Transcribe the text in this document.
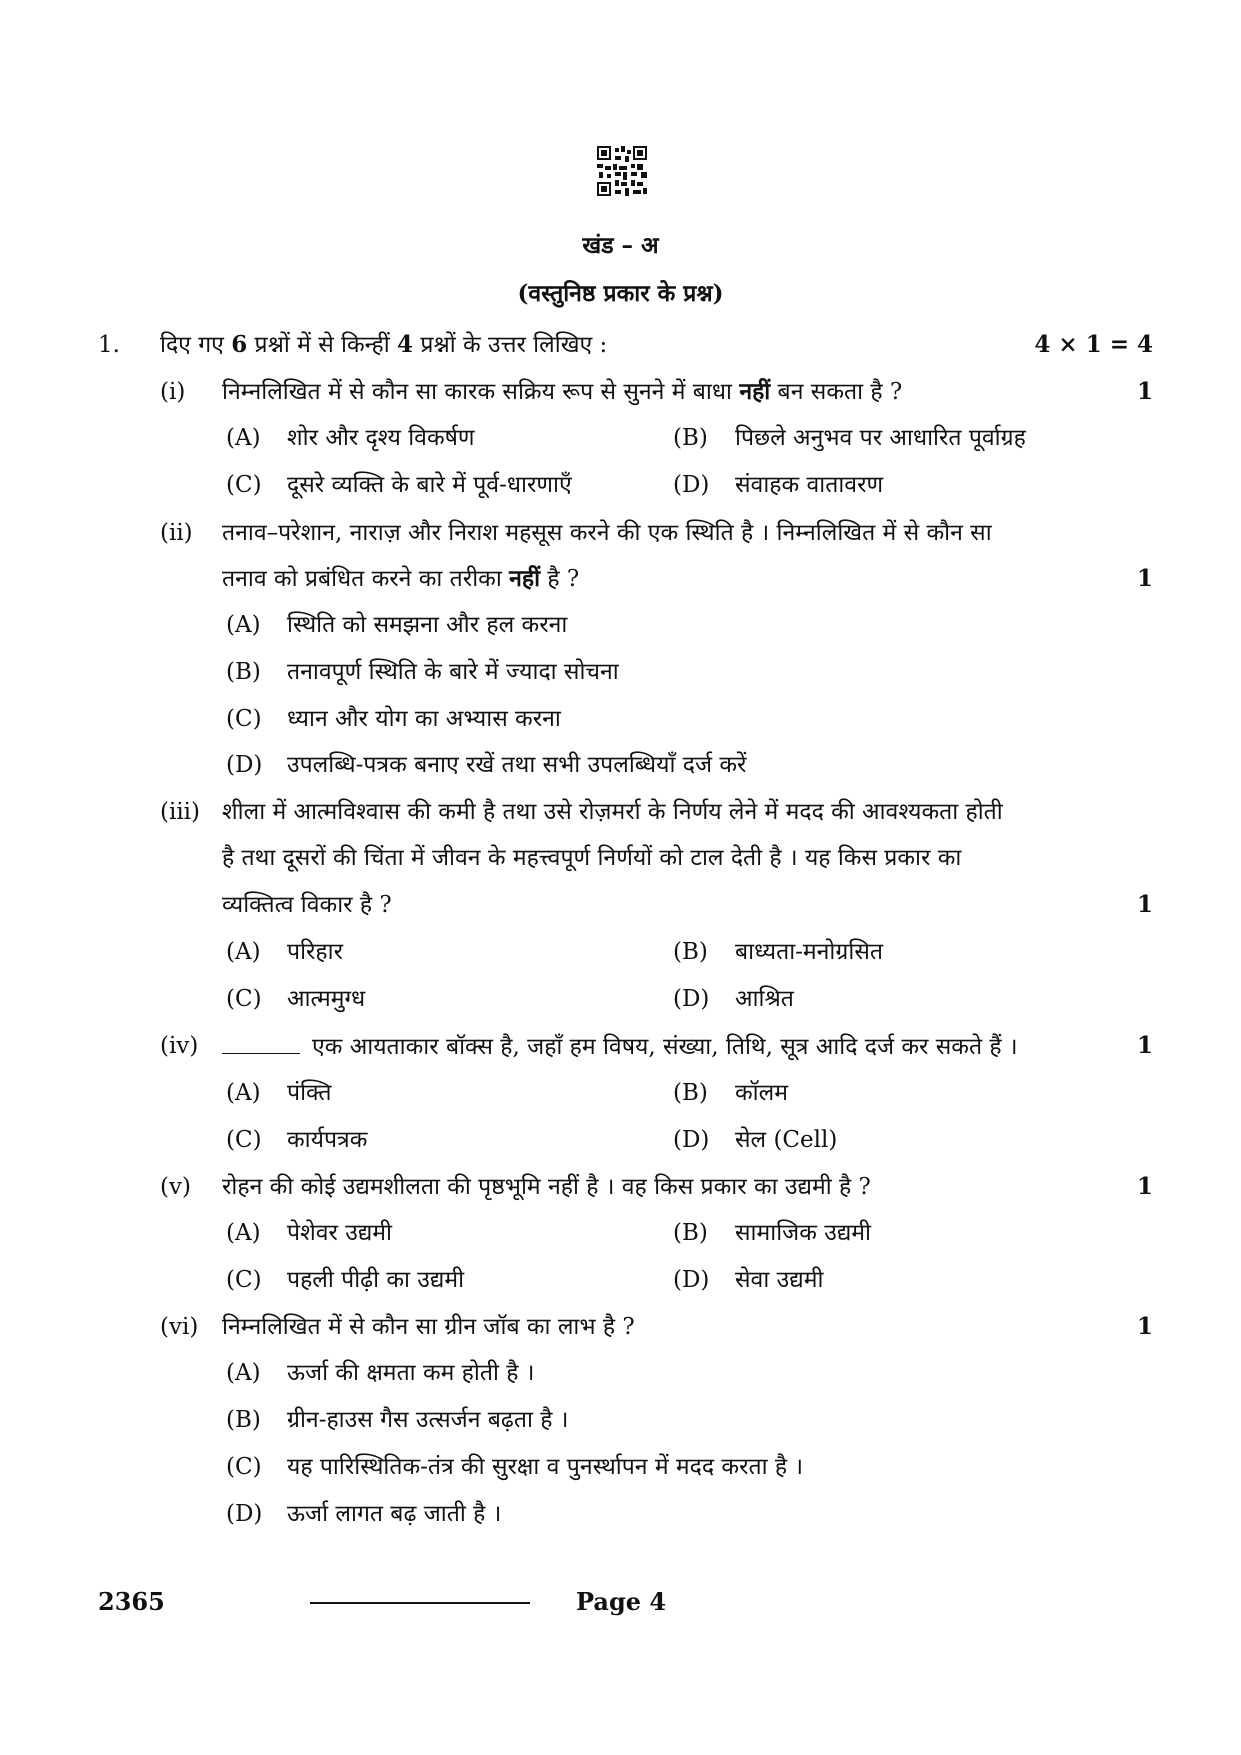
खंड – अ
(वस्तुनिष्ठ प्रकार के प्रश्न)
1. दिए गए 6 प्रश्नों में से किन्हीं 4 प्रश्नों के उत्तर लिखिए :	4 × 1 = 4
(i) निम्नलिखित में से कौन सा कारक सक्रिय रूप से सुनने में बाधा नहीं बन सकता है ?	1
(A) शोर और दृश्य विकर्षण	(B) पिछले अनुभव पर आधारित पूर्वाग्रह
(C) दूसरे व्यक्ति के बारे में पूर्व-धारणाएँ	(D) संवाहक वातावरण
(ii) तनाव–परेशान, नाराज़ और निराश महसूस करने की एक स्थिति है । निम्नलिखित में से कौन सा
तनाव को प्रबंधित करने का तरीका नहीं है ?	1
(A) स्थिति को समझना और हल करना
(B) तनावपूर्ण स्थिति के बारे में ज्यादा सोचना
(C) ध्यान और योग का अभ्यास करना
(D) उपलब्धि-पत्रक बनाए रखें तथा सभी उपलब्धियाँ दर्ज करें
(iii) शीला में आत्मविश्वास की कमी है तथा उसे रोज़मर्रा के निर्णय लेने में मदद की आवश्यकता होती
है तथा दूसरों की चिंता में जीवन के महत्त्वपूर्ण निर्णयों को टाल देती है । यह किस प्रकार का
व्यक्तित्व विकार है ?	1
(A) परिहार	(B) बाध्यता-मनोग्रसित
(C) आत्ममुग्ध	(D) आश्रित
(iv)	एक आयताकार बॉक्स है, जहाँ हम विषय, संख्या, तिथि, सूत्र आदि दर्ज कर सकते हैं ।	1
(A) पंक्ति	(B) कॉलम
(C) कार्यपत्रक	(D) सेल (Cell)
(v) रोहन की कोई उद्यमशीलता की पृष्ठभूमि नहीं है । वह किस प्रकार का उद्यमी है ?	1
(A) पेशेवर उद्यमी	(B) सामाजिक उद्यमी
(C) पहली पीढ़ी का उद्यमी	(D) सेवा उद्यमी
(vi) निम्नलिखित में से कौन सा ग्रीन जॉब का लाभ है ?	1
(A) ऊर्जा की क्षमता कम होती है ।
(B) ग्रीन-हाउस गैस उत्सर्जन बढ़ता है ।
(C) यह पारिस्थितिक-तंत्र की सुरक्षा व पुनर्स्थापन में मदद करता है ।
(D) ऊर्जा लागत बढ़ जाती है ।
2365	Page 4
